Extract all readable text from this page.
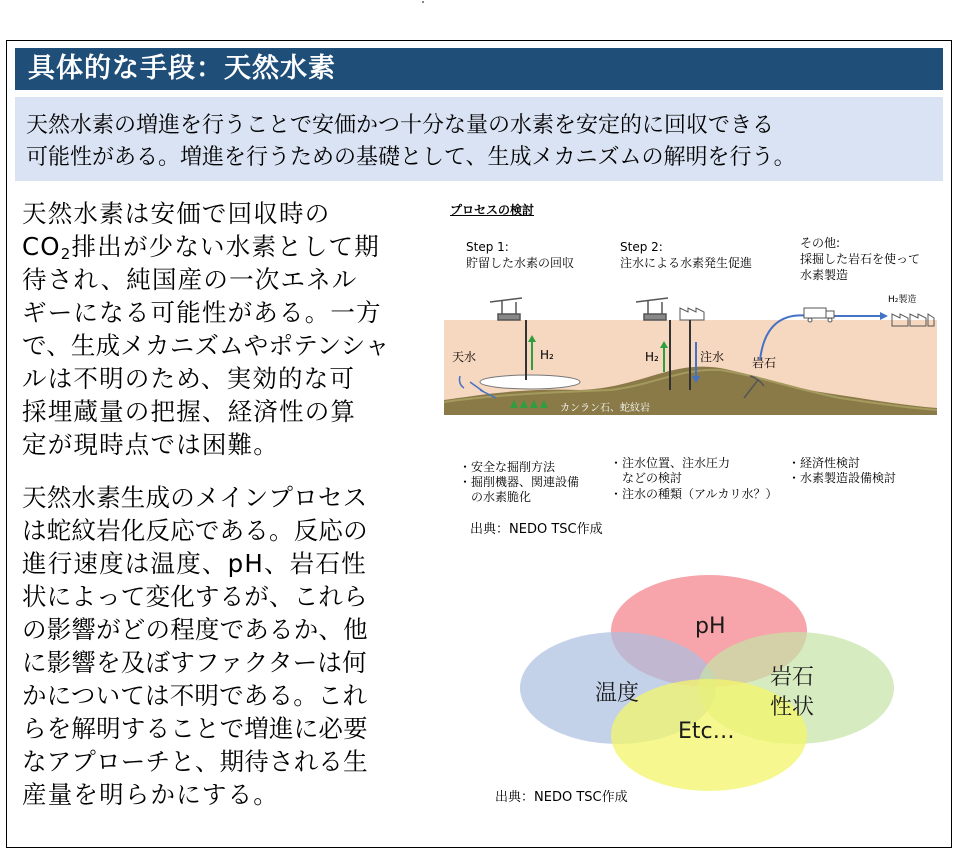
具体的な手段：天然水素
天然水素の増進を行うことで安価かつ十分な量の水素を安定的に回収できる
可能性がある。増進を行うための基礎として、生成メカニズムの解明を行う。
天然水素は安価で回収時の
$CO_2$排出が少ない水素として期
待され、純国産の一次エネル
ギーになる可能性がある。一方
で、生成メカニズムやポテンシャ
ルは不明のため、実効的な可
採埋蔵量の把握、経済性の算
定が現時点では困難。
天然水素生成のメインプロセス
は蛇紋岩化反応である。反応の
進行速度は温度、pH、岩石性
状によって変化するが、これら
の影響がどの程度であるか、他
に影響を及ぼすファクターは何
かについては不明である。これ
らを解明することで増進に必要
なアプローチと、期待される生
産量を明らかにする。
プロセスの検討
Step 1:
貯留した水素の回収
Step 2:
注水による水素発生促進
その他:
採掘した岩石を使って
水素製造
H₂製造
天水	H₂	H₂	注水 岩石
カンラン石、蛇紋岩
・安全な掘削方法
・掘削機器、関連設備
　の水素脆化
・注水位置、注水圧力
　などの検討
・注水の種類（アルカリ水？）
・経済性検討
・水素製造設備検討
出典：NEDO TSC作成
pH
温度
岩石
性状
Etc…
出典：NEDO TSC作成
